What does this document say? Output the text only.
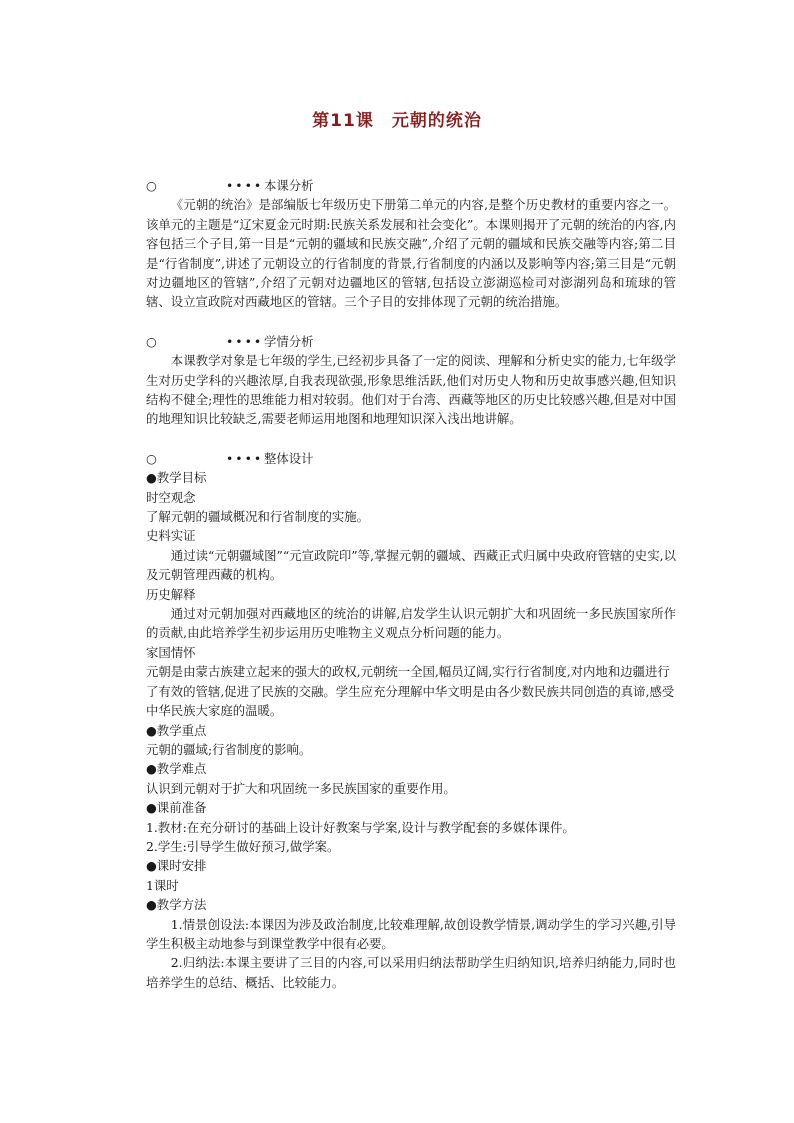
第11课　元朝的统治
○	•••• 本课分析

《元朝的统治》是部编版七年级历史下册第二单元的内容,是整个历史教材的重要内容之一。该单元的主题是“辽宋夏金元时期:民族关系发展和社会变化”。本课则揭开了元朝的统治的内容,内容包括三个子目,第一目是“元朝的疆域和民族交融”,介绍了元朝的疆域和民族交融等内容;第二目是“行省制度”,讲述了元朝设立的行省制度的背景,行省制度的内涵以及影响等内容;第三目是“元朝对边疆地区的管辖”,介绍了元朝对边疆地区的管辖,包括设立澎湖巡检司对澎湖列岛和琉球的管辖、设立宣政院对西藏地区的管辖。三个子目的安排体现了元朝的统治措施。

○	•••• 学情分析

本课教学对象是七年级的学生,已经初步具备了一定的阅读、理解和分析史实的能力,七年级学生对历史学科的兴趣浓厚,自我表现欲强,形象思维活跃,他们对历史人物和历史故事感兴趣,但知识结构不健全;理性的思维能力相对较弱。他们对于台湾、西藏等地区的历史比较感兴趣,但是对中国的地理知识比较缺乏,需要老师运用地图和地理知识深入浅出地讲解。

○	•••• 整体设计

●教学目标

时空观念

了解元朝的疆域概况和行省制度的实施。

史料实证

通过读“元朝疆域图”“元宣政院印”等,掌握元朝的疆域、西藏正式归属中央政府管辖的史实,以及元朝管理西藏的机构。

历史解释

通过对元朝加强对西藏地区的统治的讲解,启发学生认识元朝扩大和巩固统一多民族国家所作的贡献,由此培养学生初步运用历史唯物主义观点分析问题的能力。

家国情怀

元朝是由蒙古族建立起来的强大的政权,元朝统一全国,幅员辽阔,实行行省制度,对内地和边疆进行了有效的管辖,促进了民族的交融。学生应充分理解中华文明是由各少数民族共同创造的真谛,感受中华民族大家庭的温暖。

●教学重点

元朝的疆域;行省制度的影响。

●教学难点

认识到元朝对于扩大和巩固统一多民族国家的重要作用。

●课前准备

1.教材:在充分研讨的基础上设计好教案与学案,设计与教学配套的多媒体课件。

2.学生:引导学生做好预习,做学案。

●课时安排

1课时

●教学方法

1.情景创设法:本课因为涉及政治制度,比较难理解,故创设教学情景,调动学生的学习兴趣,引导学生积极主动地参与到课堂教学中很有必要。

2.归纳法:本课主要讲了三目的内容,可以采用归纳法帮助学生归纳知识,培养归纳能力,同时也培养学生的总结、概括、比较能力。
